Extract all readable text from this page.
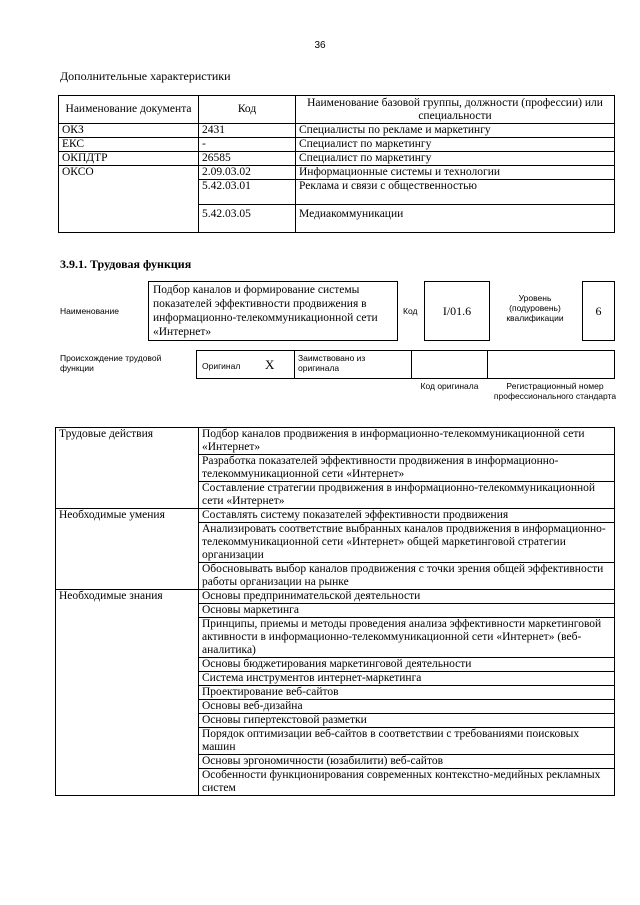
36
Дополнительные характеристики
Наименование документа	Код	Наименование базовой группы, должности (профессии) или специальности
ОКЗ	2431	Специалисты по рекламе и маркетингу
ЕКС	-	Специалист по маркетингу
ОКПДТР	26585	Специалист по маркетингу
ОКСО	2.09.03.02	Информационные системы и технологии
	5.42.03.01	Реклама и связи с общественностью
	5.42.03.05	Медиакоммуникации
3.9.1. Трудовая функция
Наименование
Подбор каналов и формирование системы показателей эффективности продвижения в информационно-телекоммуникационной сети «Интернет»
Код	I/01.6
Уровень (подуровень) квалификации	6
Происхождение трудовой функции	Оригинал X	Заимствовано из оригинала
Код оригинала	Регистрационный номер профессионального стандарта
Трудовые действия	Подбор каналов продвижения в информационно-телекоммуникационной сети «Интернет»
	Разработка показателей эффективности продвижения в информационно-телекоммуникационной сети «Интернет»
	Составление стратегии продвижения в информационно-телекоммуникационной сети «Интернет»
Необходимые умения	Составлять систему показателей эффективности продвижения
	Анализировать соответствие выбранных каналов продвижения в информационно-телекоммуникационной сети «Интернет» общей маркетинговой стратегии организации
	Обосновывать выбор каналов продвижения с точки зрения общей эффективности работы организации на рынке
Необходимые знания	Основы предпринимательской деятельности
	Основы маркетинга
	Принципы, приемы и методы проведения анализа эффективности маркетинговой активности в информационно-телекоммуникационной сети «Интернет» (веб-аналитика)
	Основы бюджетирования маркетинговой деятельности
	Система инструментов интернет-маркетинга
	Проектирование веб-сайтов
	Основы веб-дизайна
	Основы гипертекстовой разметки
	Порядок оптимизации веб-сайтов в соответствии с требованиями поисковых машин
	Основы эргономичности (юзабилити) веб-сайтов
	Особенности функционирования современных контекстно-медийных рекламных систем
